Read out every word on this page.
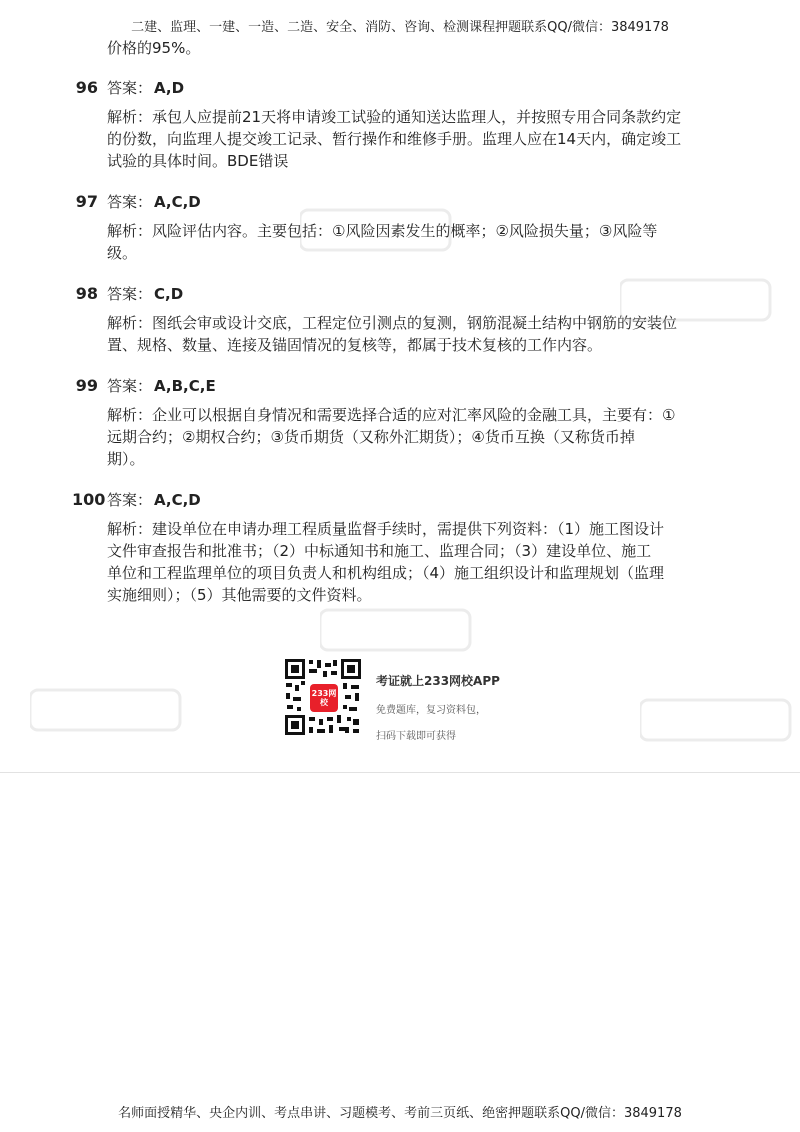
二建、监理、一建、一造、二造、安全、消防、咨询、检测课程押题联系QQ/微信：3849178
价格的95%。
96 答案： A,D
解析：承包人应提前21天将申请竣工试验的通知送达监理人，并按照专用合同条款约定
的份数，向监理人提交竣工记录、暂行操作和维修手册。监理人应在14天内，确定竣工
试验的具体时间。BDE错误
97 答案： A,C,D
解析：风险评估内容。主要包括：①风险因素发生的概率；②风险损失量；③风险等
级。
98 答案： C,D
解析：图纸会审或设计交底，工程定位引测点的复测，钢筋混凝土结构中钢筋的安装位
置、规格、数量、连接及锚固情况的复核等，都属于技术复核的工作内容。
99 答案： A,B,C,E
解析：企业可以根据自身情况和需要选择合适的应对汇率风险的金融工具，主要有：①
远期合约；②期权合约；③货币期货（又称外汇期货）；④货币互换（又称货币掉
期）。
100 答案： A,C,D
解析：建设单位在申请办理工程质量监督手续时，需提供下列资料：（1）施工图设计
文件审查报告和批准书；（2）中标通知书和施工、监理合同；（3）建设单位、施工
单位和工程监理单位的项目负责人和机构组成；（4）施工组织设计和监理规划（监理
实施细则）；（5）其他需要的文件资料。
233网校
考证就上233网校APP
免费题库，复习资料包，
扫码下载即可获得
名师面授精华、央企内训、考点串讲、习题模考、考前三页纸、绝密押题联系QQ/微信：3849178
